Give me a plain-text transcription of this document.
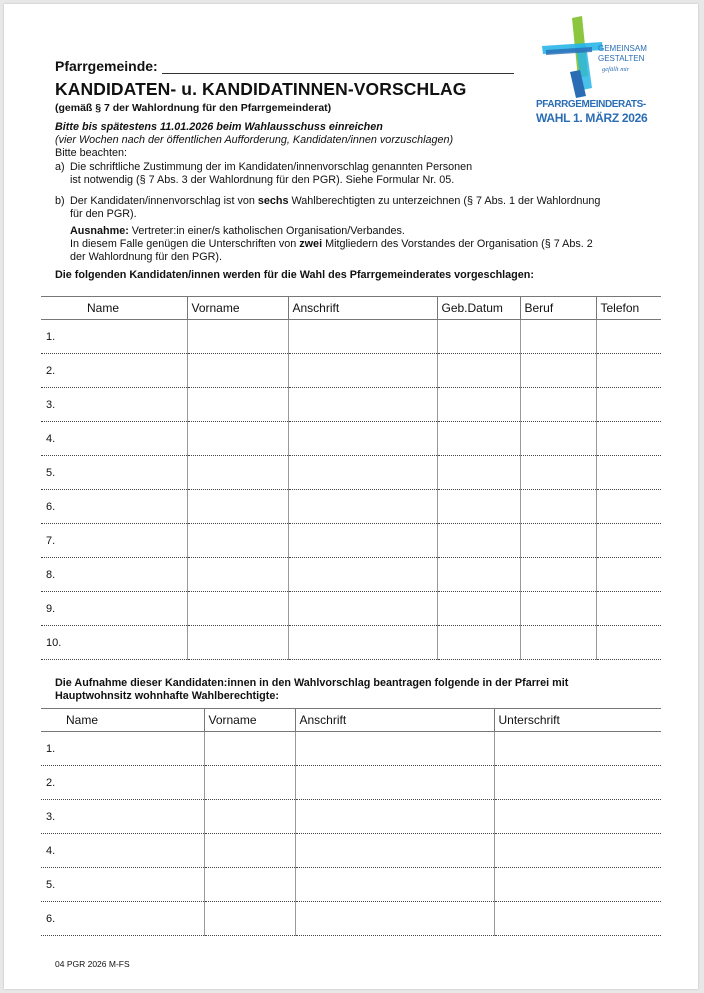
Pfarrgemeinde:
KANDIDATEN- u. KANDIDATINNEN-VORSCHLAG
(gemäß § 7 der Wahlordnung für den Pfarrgemeinderat)
GEMEINSAM
GESTALTEN
gefällt mir
PFARRGEMEINDERATS-
WAHL 1. MÄRZ 2026
Bitte bis spätestens 11.01.2026 beim Wahlausschuss einreichen
(vier Wochen nach der öffentlichen Aufforderung, Kandidaten/innen vorzuschlagen)
Bitte beachten:
a) Die schriftliche Zustimmung der im Kandidaten/innenvorschlag genannten Personen
ist notwendig (§ 7 Abs. 3 der Wahlordnung für den PGR). Siehe Formular Nr. 05.
b) Der Kandidaten/innenvorschlag ist von sechs Wahlberechtigten zu unterzeichnen (§ 7 Abs. 1 der Wahlordnung
für den PGR).
Ausnahme: Vertreter:in einer/s katholischen Organisation/Verbandes.
In diesem Falle genügen die Unterschriften von zwei Mitgliedern des Vorstandes der Organisation (§ 7 Abs. 2
der Wahlordnung für den PGR).
Die folgenden Kandidaten/innen werden für die Wahl des Pfarrgemeinderates vorgeschlagen:
Name	Vorname	Anschrift	Geb.Datum	Beruf	Telefon
1.					
2.					
3.					
4.					
5.					
6.					
7.					
8.					
9.					
10.					
Die Aufnahme dieser Kandidaten:innen in den Wahlvorschlag beantragen folgende in der Pfarrei mit
Hauptwohnsitz wohnhafte Wahlberechtigte:
Name	Vorname	Anschrift	Unterschrift
1.			
2.			
3.			
4.			
5.			
6.			
04 PGR 2026 M-FS
